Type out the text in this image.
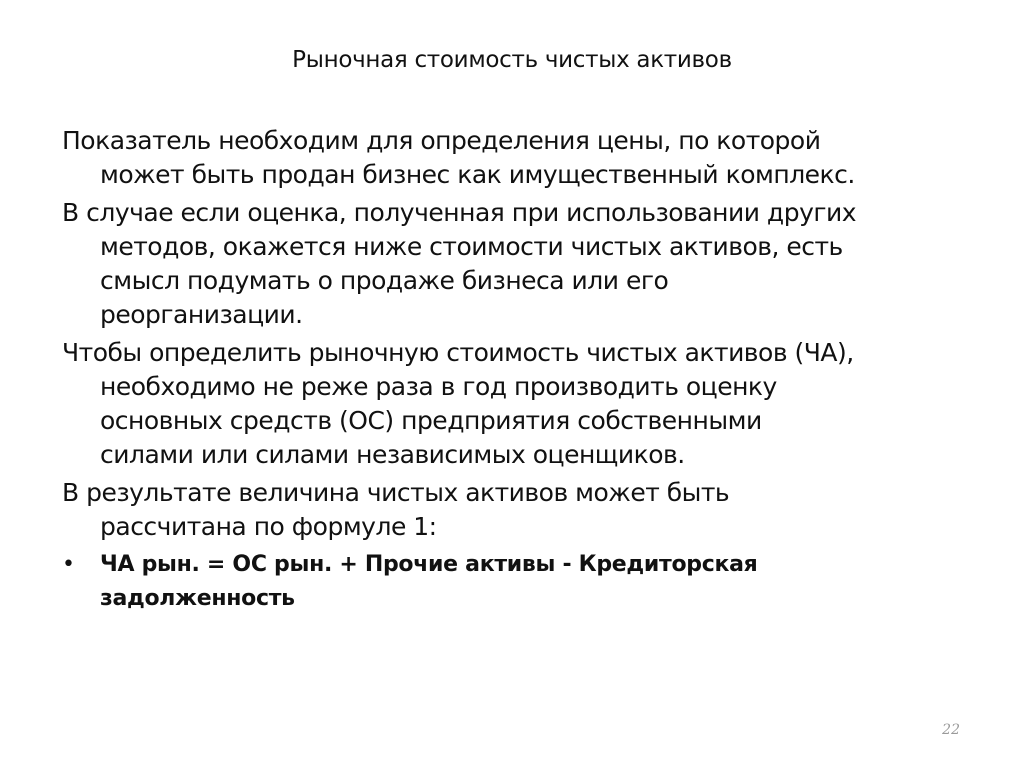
Рыночная стоимость чистых активов

Показатель необходим для определения цены, по которой может быть продан бизнес как имущественный комплекс.

В случае если оценка, полученная при использовании других методов, окажется ниже стоимости чистых активов, есть смысл подумать о продаже бизнеса или его реорганизации.

Чтобы определить рыночную стоимость чистых активов (ЧА), необходимо не реже раза в год производить оценку основных средств (ОС) предприятия собственными силами или силами независимых оценщиков.

В результате величина чистых активов может быть рассчитана по формуле 1:

• ЧА рын. = ОС рын. + Прочие активы - Кредиторская задолженность
22
